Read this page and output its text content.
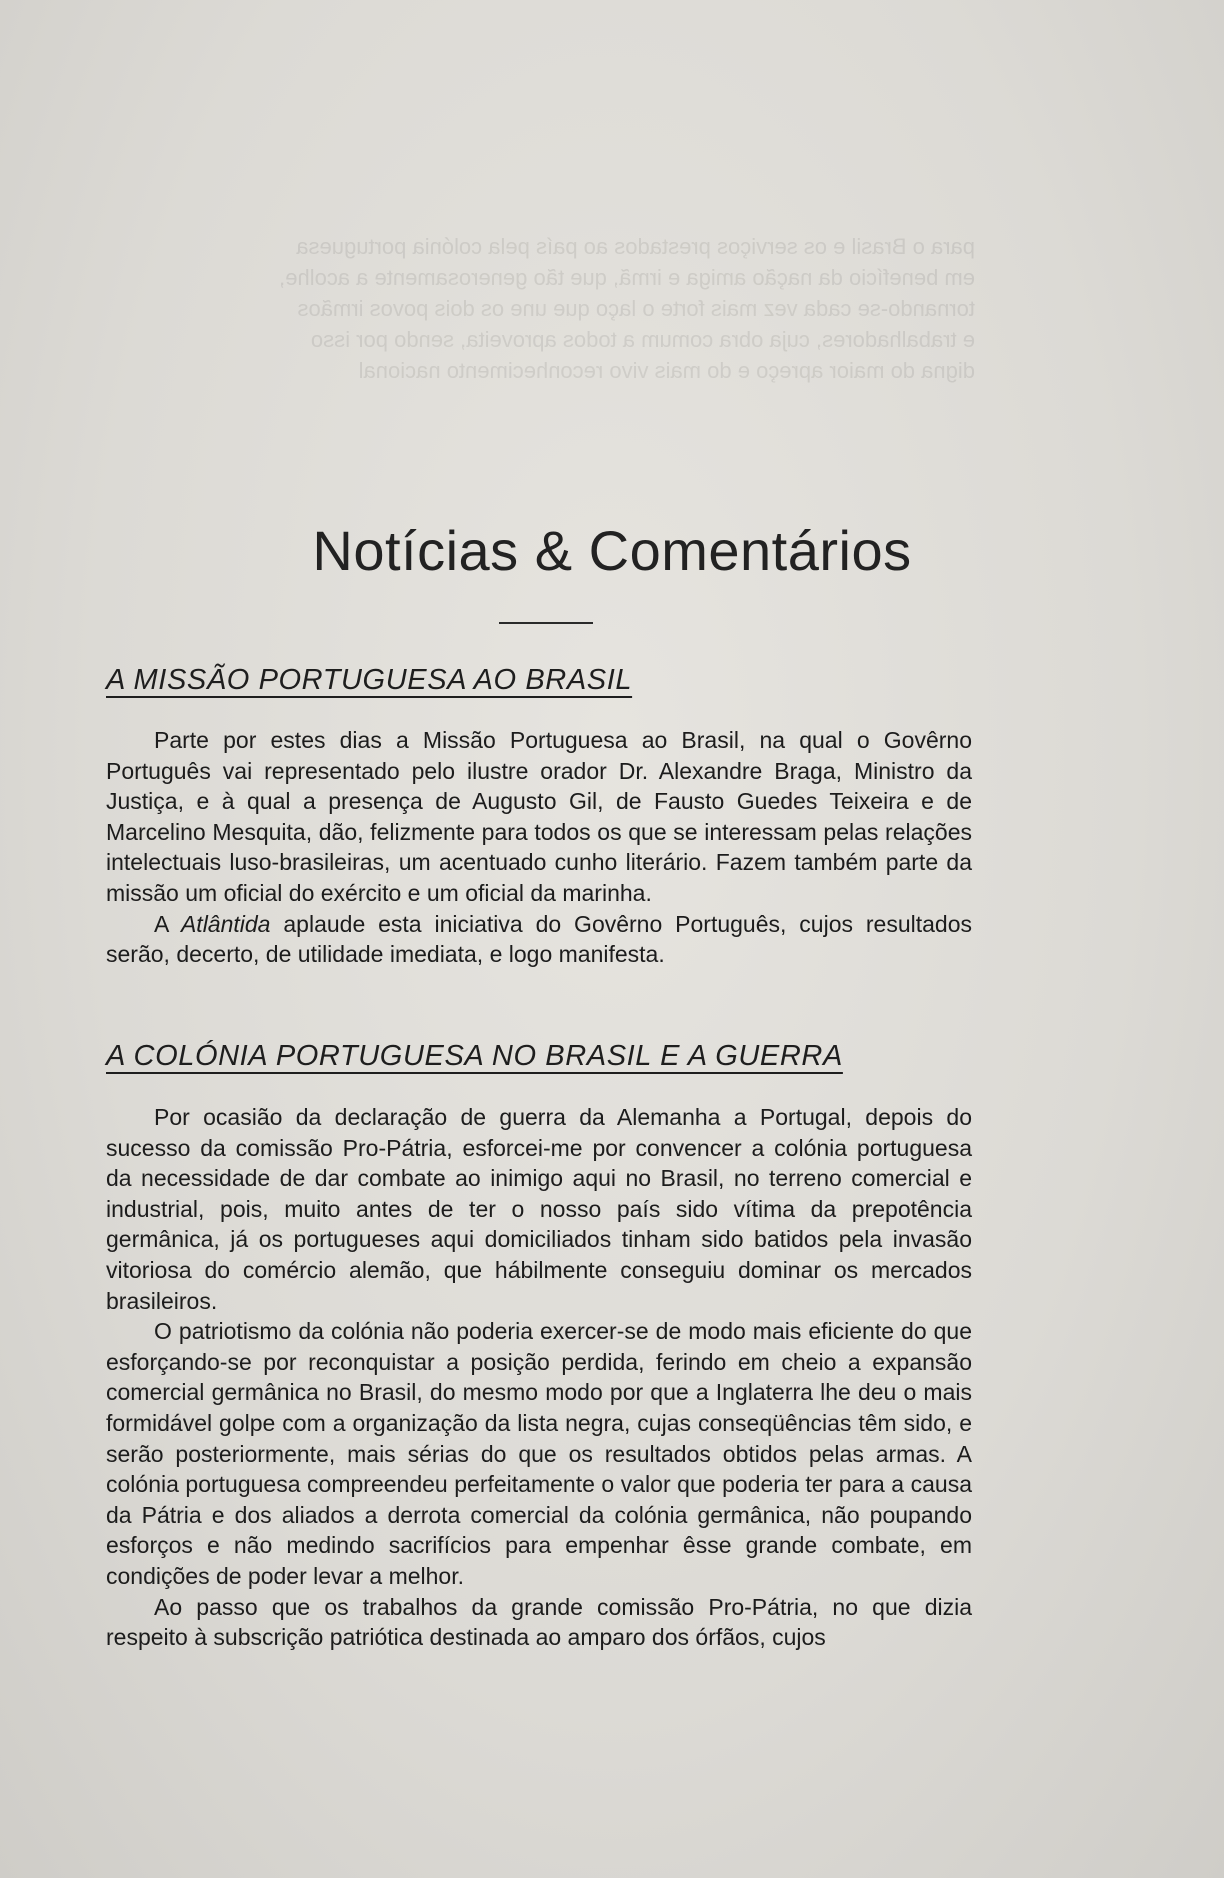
para o Brasil e os serviços prestados ao país pela colónia portuguesa
em benefício da nação amiga e irmã, que tão generosamente a acolhe,
tornando-se cada vez mais forte o laço que une os dois povos irmãos
e trabalhadores, cuja obra comum a todos aproveita, sendo por isso
digna do maior apreço e do mais vivo reconhecimento nacional

Notícias & Comentários
A MISSÃO PORTUGUESA AO BRASIL

Parte por estes dias a Missão Portuguesa ao Brasil, na qual o Govêrno Português vai representado pelo ilustre orador Dr. Alexandre Braga, Ministro da Justiça, e à qual a presença de Augusto Gil, de Fausto Guedes Teixeira e de Marcelino Mesquita, dão, felizmente para todos os que se interessam pelas relações intelectuais luso-brasileiras, um acentuado cunho literário. Fazem também parte da missão um oficial do exército e um oficial da marinha.

A Atlântida aplaude esta iniciativa do Govêrno Português, cujos resultados serão, decerto, de utilidade imediata, e logo manifesta.

A COLÓNIA PORTUGUESA NO BRASIL E A GUERRA

Por ocasião da declaração de guerra da Alemanha a Portugal, depois do sucesso da comissão Pro-Pátria, esforcei-me por convencer a colónia portuguesa da necessidade de dar combate ao inimigo aqui no Brasil, no terreno comercial e industrial, pois, muito antes de ter o nosso país sido vítima da prepotência germânica, já os portugueses aqui domiciliados tinham sido batidos pela invasão vitoriosa do comércio alemão, que hábilmente conseguiu dominar os mercados brasileiros.

O patriotismo da colónia não poderia exercer-se de modo mais eficiente do que esforçando-se por reconquistar a posição perdida, ferindo em cheio a expansão comercial germânica no Brasil, do mesmo modo por que a Inglaterra lhe deu o mais formidável golpe com a organização da lista negra, cujas conseqüências têm sido, e serão posteriormente, mais sérias do que os resultados obtidos pelas armas. A colónia portuguesa compreendeu perfeitamente o valor que poderia ter para a causa da Pátria e dos aliados a derrota comercial da colónia germânica, não poupando esforços e não medindo sacrifícios para empenhar êsse grande combate, em condições de poder levar a melhor.

Ao passo que os trabalhos da grande comissão Pro-Pátria, no que dizia respeito à subscrição patriótica destinada ao amparo dos órfãos, cujos
